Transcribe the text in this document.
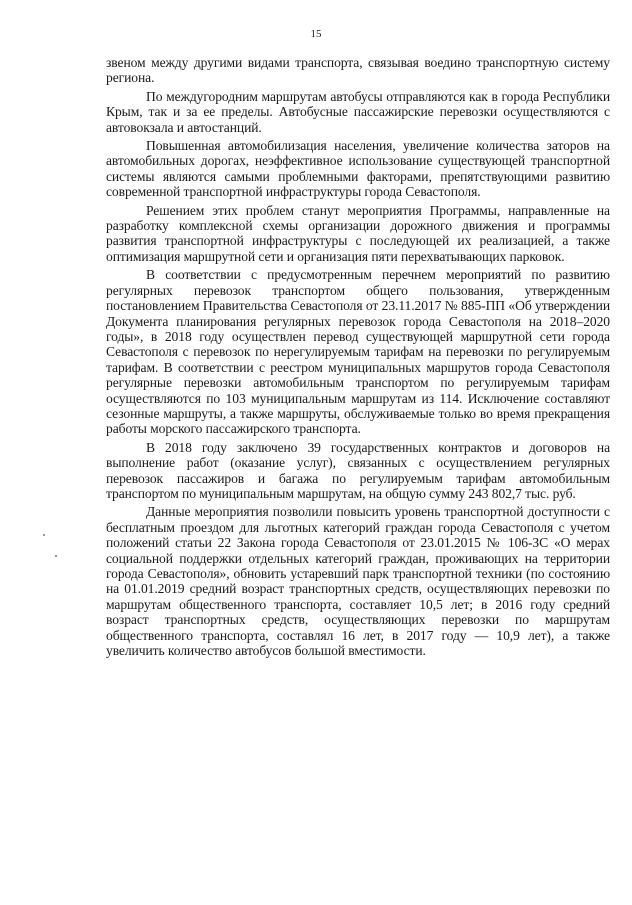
15

звеном между другими видами транспорта, связывая воедино транспортную систему региона.

По междугородним маршрутам автобусы отправляются как в города Республики Крым, так и за ее пределы. Автобусные пассажирские перевозки осуществляются с автовокзала и автостанций.

Повышенная автомобилизация населения, увеличение количества заторов на автомобильных дорогах, неэффективное использование существующей транспортной системы являются самыми проблемными факторами, препятствующими развитию современной транспортной инфраструктуры города Севастополя.

Решением этих проблем станут мероприятия Программы, направленные на разработку комплексной схемы организации дорожного движения и программы развития транспортной инфраструктуры с последующей их реализацией, а также оптимизация маршрутной сети и организация пяти перехватывающих парковок.

В соответствии с предусмотренным перечнем мероприятий по развитию регулярных перевозок транспортом общего пользования, утвержденным постановлением Правительства Севастополя от 23.11.2017 № 885-ПП «Об утверждении Документа планирования регулярных перевозок города Севастополя на 2018–2020 годы», в 2018 году осуществлен перевод существующей маршрутной сети города Севастополя с перевозок по нерегулируемым тарифам на перевозки по регулируемым тарифам. В соответствии с реестром муниципальных маршрутов города Севастополя регулярные перевозки автомобильным транспортом по регулируемым тарифам осуществляются по 103 муниципальным маршрутам из 114. Исключение составляют сезонные маршруты, а также маршруты, обслуживаемые только во время прекращения работы морского пассажирского транспорта.

В 2018 году заключено 39 государственных контрактов и договоров на выполнение работ (оказание услуг), связанных с осуществлением регулярных перевозок пассажиров и багажа по регулируемым тарифам автомобильным транспортом по муниципальным маршрутам, на общую сумму 243 802,7 тыс. руб.

Данные мероприятия позволили повысить уровень транспортной доступности с бесплатным проездом для льготных категорий граждан города Севастополя с учетом положений статьи 22 Закона города Севастополя от 23.01.2015 № 106-ЗС «О мерах социальной поддержки отдельных категорий граждан, проживающих на территории города Севастополя», обновить устаревший парк транспортной техники (по состоянию на 01.01.2019 средний возраст транспортных средств, осуществляющих перевозки по маршрутам общественного транспорта, составляет 10,5 лет; в 2016 году средний возраст транспортных средств, осуществляющих перевозки по маршрутам общественного транспорта, составлял 16 лет, в 2017 году — 10,9 лет), а также увеличить количество автобусов большой вместимости.
